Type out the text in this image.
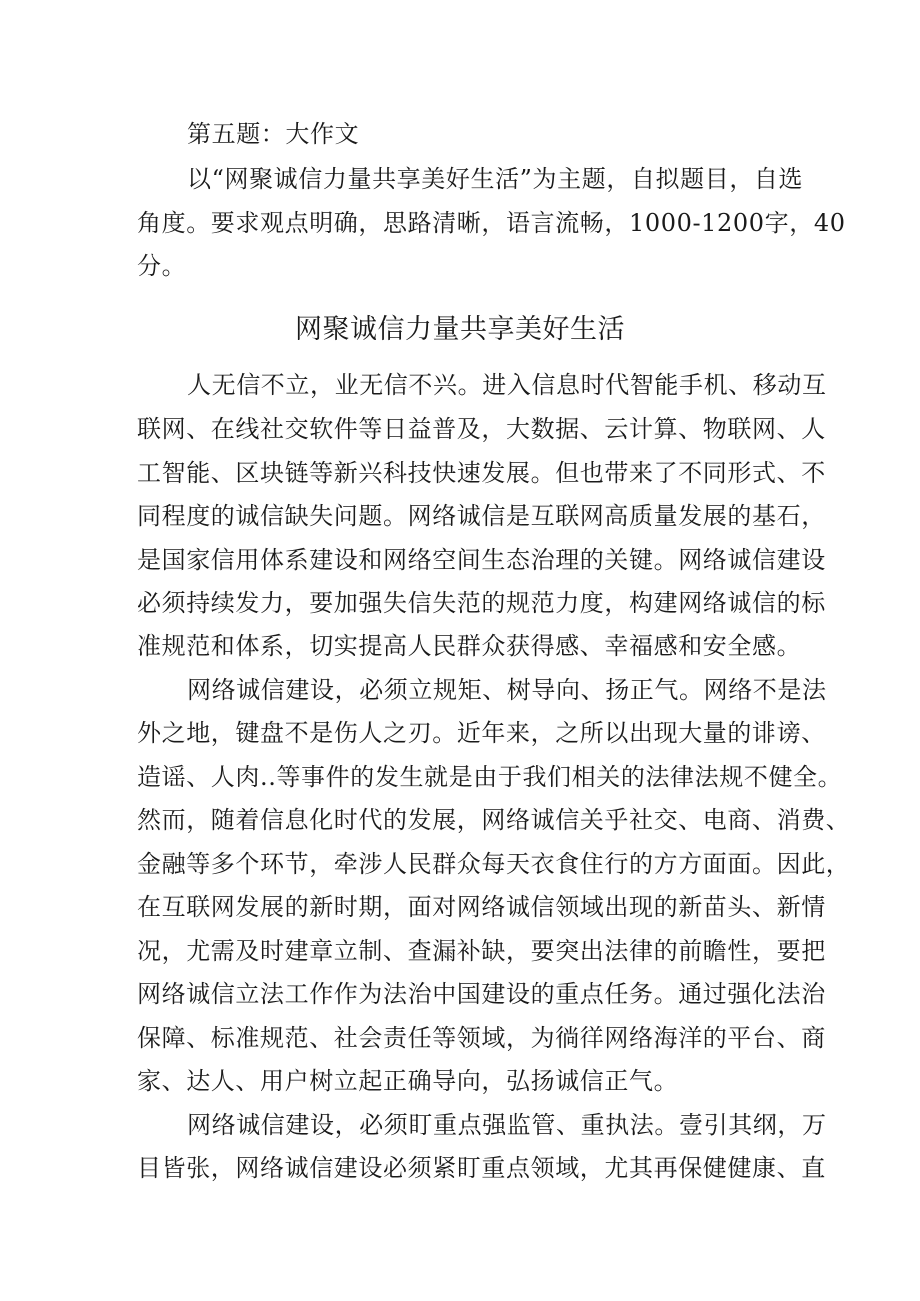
第五题：大作文
以“网聚诚信力量共享美好生活”为主题，自拟题目，自选
角度。要求观点明确，思路清晰，语言流畅，1000-1200字，40
分。
网聚诚信力量共享美好生活
人无信不立，业无信不兴。进入信息时代智能手机、移动互
联网、在线社交软件等日益普及，大数据、云计算、物联网、人
工智能、区块链等新兴科技快速发展。但也带来了不同形式、不
同程度的诚信缺失问题。网络诚信是互联网高质量发展的基石，
是国家信用体系建设和网络空间生态治理的关键。网络诚信建设
必须持续发力，要加强失信失范的规范力度，构建网络诚信的标
准规范和体系，切实提高人民群众获得感、幸福感和安全感。
网络诚信建设，必须立规矩、树导向、扬正气。网络不是法
外之地，键盘不是伤人之刃。近年来，之所以出现大量的诽谤、
造谣、人肉..等事件的发生就是由于我们相关的法律法规不健全。
然而，随着信息化时代的发展，网络诚信关乎社交、电商、消费、
金融等多个环节，牵涉人民群众每天衣食住行的方方面面。因此，
在互联网发展的新时期，面对网络诚信领域出现的新苗头、新情
况，尤需及时建章立制、查漏补缺，要突出法律的前瞻性，要把
网络诚信立法工作作为法治中国建设的重点任务。通过强化法治
保障、标准规范、社会责任等领域，为徜徉网络海洋的平台、商
家、达人、用户树立起正确导向，弘扬诚信正气。
网络诚信建设，必须盯重点强监管、重执法。壹引其纲，万
目皆张，网络诚信建设必须紧盯重点领域，尤其再保健健康、直
